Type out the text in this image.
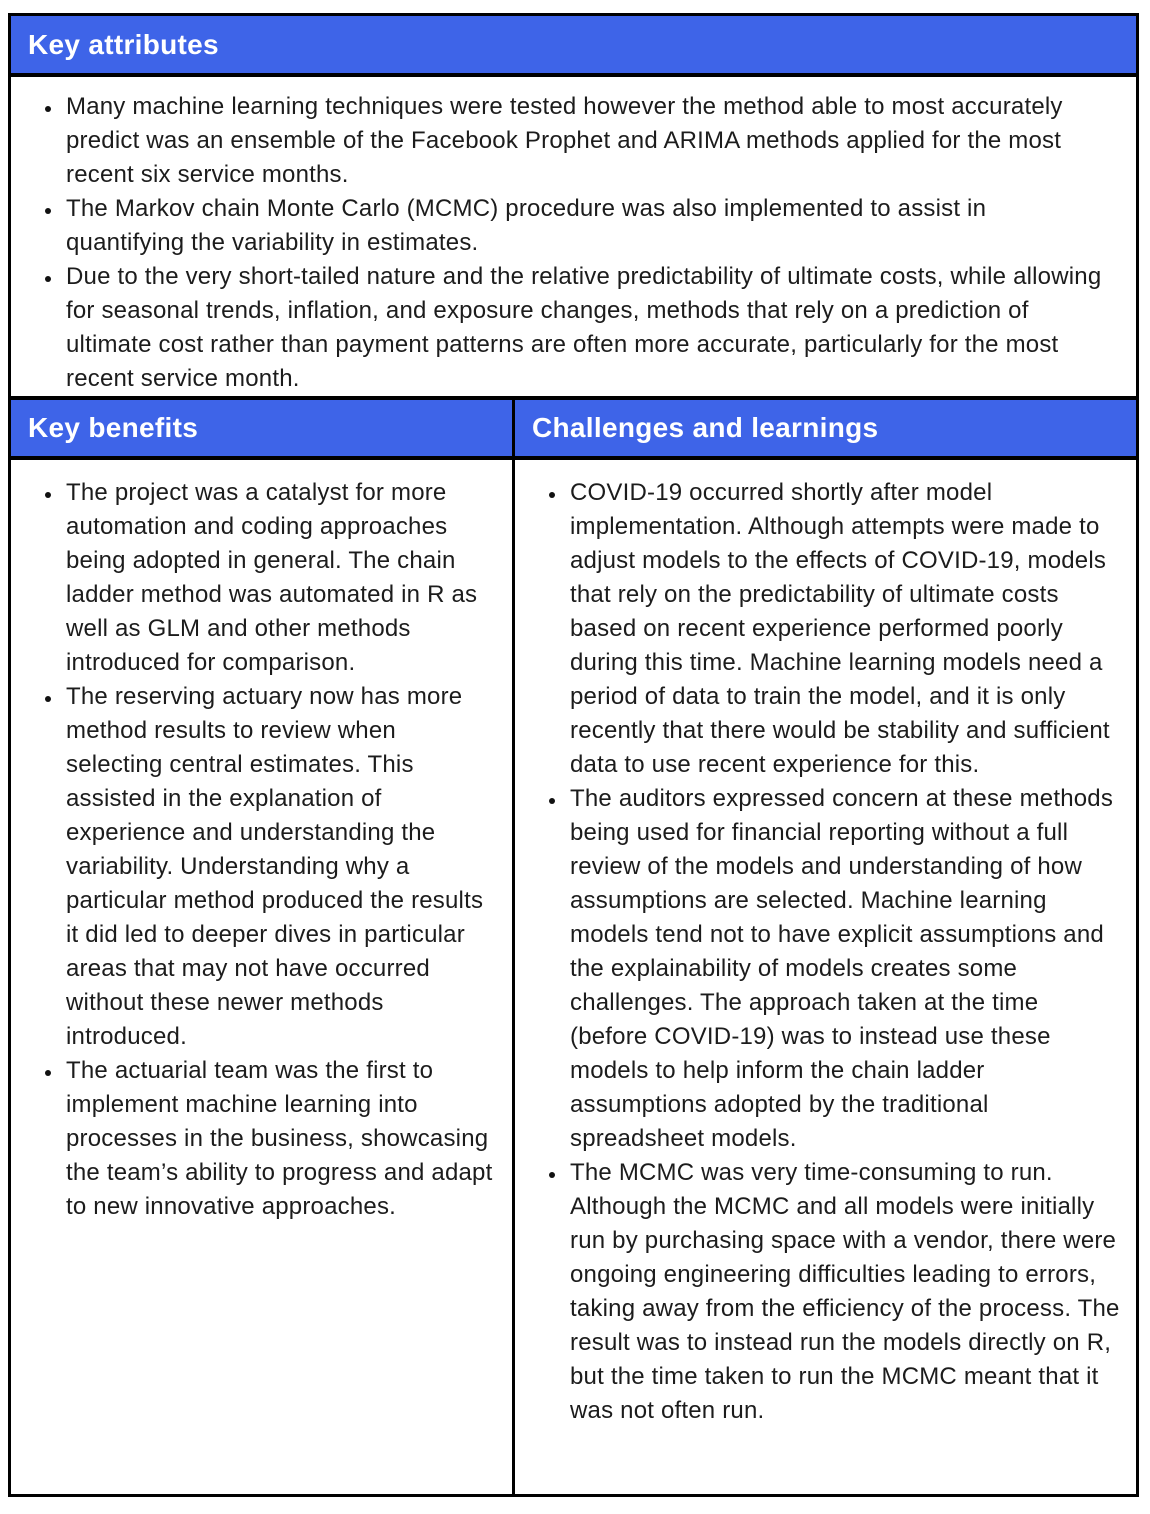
Key attributes
• Many machine learning techniques were tested however the method able to most accurately predict was an ensemble of the Facebook Prophet and ARIMA methods applied for the most recent six service months.
• The Markov chain Monte Carlo (MCMC) procedure was also implemented to assist in quantifying the variability in estimates.
• Due to the very short-tailed nature and the relative predictability of ultimate costs, while allowing for seasonal trends, inflation, and exposure changes, methods that rely on a prediction of ultimate cost rather than payment patterns are often more accurate, particularly for the most recent service month.
Key benefits	Challenges and learnings
• The project was a catalyst for more automation and coding approaches being adopted in general. The chain ladder method was automated in R as well as GLM and other methods introduced for comparison.
• The reserving actuary now has more method results to review when selecting central estimates. This assisted in the explanation of experience and understanding the variability. Understanding why a particular method produced the results it did led to deeper dives in particular areas that may not have occurred without these newer methods introduced.
• The actuarial team was the first to implement machine learning into processes in the business, showcasing the team’s ability to progress and adapt to new innovative approaches.
• COVID-19 occurred shortly after model implementation. Although attempts were made to adjust models to the effects of COVID-19, models that rely on the predictability of ultimate costs based on recent experience performed poorly during this time. Machine learning models need a period of data to train the model, and it is only recently that there would be stability and sufficient data to use recent experience for this.
• The auditors expressed concern at these methods being used for financial reporting without a full review of the models and understanding of how assumptions are selected. Machine learning models tend not to have explicit assumptions and the explainability of models creates some challenges. The approach taken at the time (before COVID-19) was to instead use these models to help inform the chain ladder assumptions adopted by the traditional spreadsheet models.
• The MCMC was very time-consuming to run. Although the MCMC and all models were initially run by purchasing space with a vendor, there were ongoing engineering difficulties leading to errors, taking away from the efficiency of the process. The result was to instead run the models directly on R, but the time taken to run the MCMC meant that it was not often run.
